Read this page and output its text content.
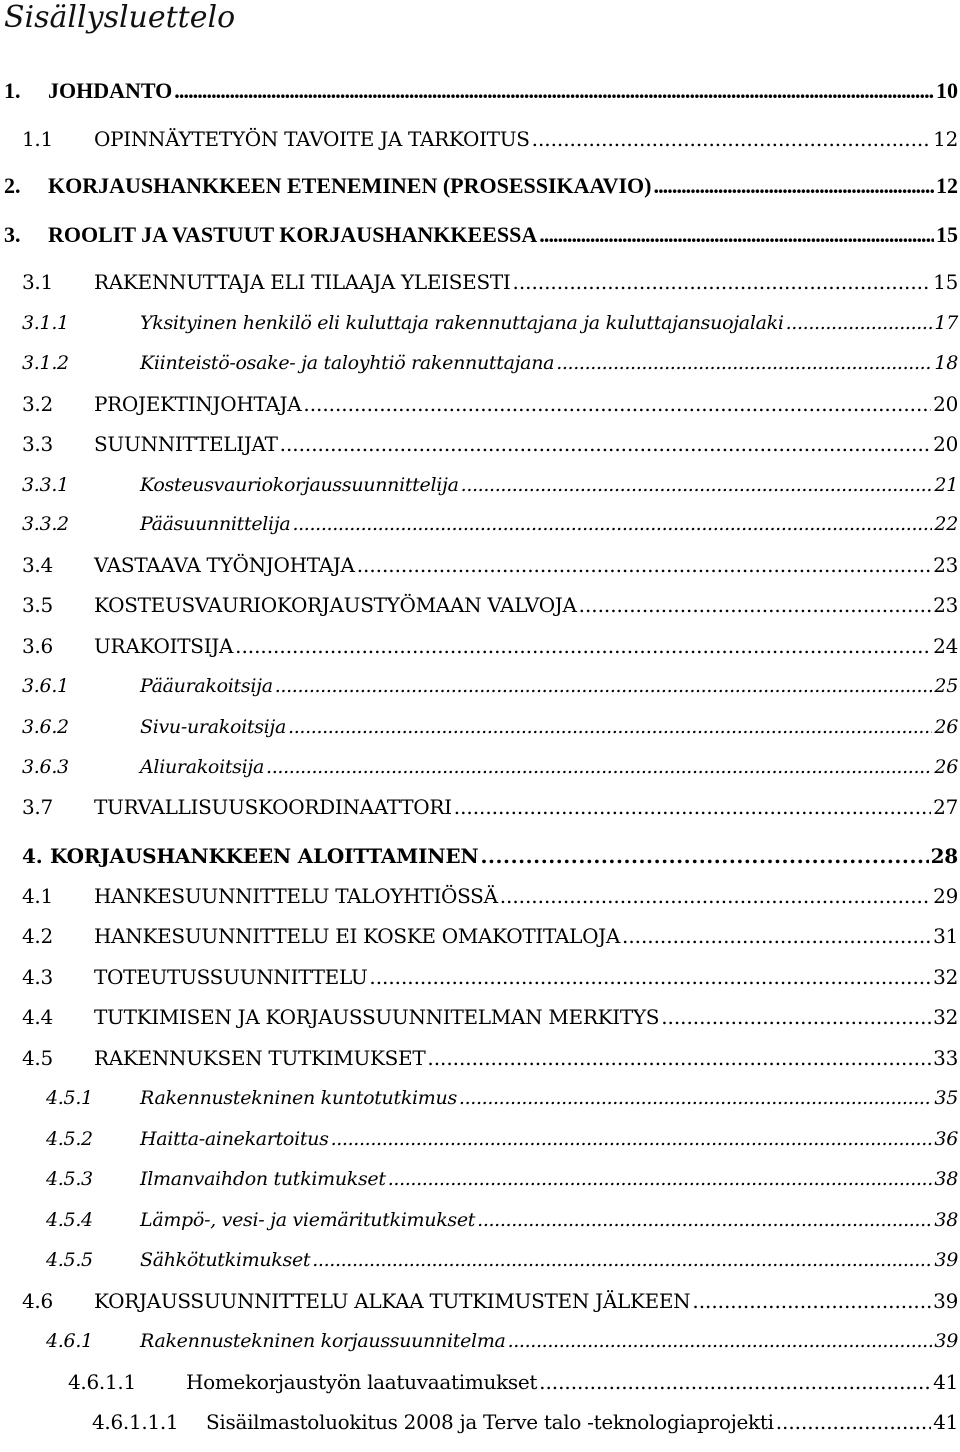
Sisällysluettelo
1.	JOHDANTO . . .	10
1.1	OPINNÄYTETYÖN TAVOITE JA TARKOITUS . . .	12
2.	KORJAUSHANKKEEN ETENEMINEN (PROSESSIKAAVIO) . . .	12
3.	ROOLIT JA VASTUUT KORJAUSHANKKEESSA . . .	15
3.1	RAKENNUTTAJA ELI TILAAJA YLEISESTI . . .	15
3.1.1	Yksityinen henkilö eli kuluttaja rakennuttajana ja kuluttajansuojalaki . . .	17
3.1.2	Kiinteistö-osake- ja taloyhtiö rakennuttajana . . .	18
3.2	PROJEKTINJOHTAJA . . .	20
3.3	SUUNNITTELIJAT . . .	20
3.3.1	Kosteusvauriokorjaussuunnittelija . . .	21
3.3.2	Pääsuunnittelija . . .	22
3.4	VASTAAVA TYÖNJOHTAJA . . .	23
3.5	KOSTEUSVAURIOKORJAUSTYÖMAAN VALVOJA . . .	23
3.6	URAKOITSIJA . . .	24
3.6.1	Pääurakoitsija . . .	25
3.6.2	Sivu-urakoitsija . . .	26
3.6.3	Aliurakoitsija . . .	26
3.7	TURVALLISUUSKOORDINAATTORI . . .	27
4. KORJAUSHANKKEEN ALOITTAMINEN . . .	28
4.1	HANKESUUNNITTELU TALOYHTIÖSSÄ . . .	29
4.2	HANKESUUNNITTELU EI KOSKE OMAKOTITALOJA . . .	31
4.3	TOTEUTUSSUUNNITTELU . . .	32
4.4	TUTKIMISEN JA KORJAUSSUUNNITELMAN MERKITYS . . .	32
4.5	RAKENNUKSEN TUTKIMUKSET . . .	33
4.5.1	Rakennustekninen kuntotutkimus . . .	35
4.5.2	Haitta-ainekartoitus . . .	36
4.5.3	Ilmanvaihdon tutkimukset . . .	38
4.5.4	Lämpö-, vesi- ja viemäritutkimukset . . .	38
4.5.5	Sähkötutkimukset . . .	39
4.6	KORJAUSSUUNNITTELU ALKAA TUTKIMUSTEN JÄLKEEN . . .	39
4.6.1	Rakennustekninen korjaussuunnitelma . . .	39
4.6.1.1	Homekorjaustyön laatuvaatimukset . . .	41
4.6.1.1.1	Sisäilmastoluokitus 2008 ja Terve talo -teknologiaprojekti . . .	41
